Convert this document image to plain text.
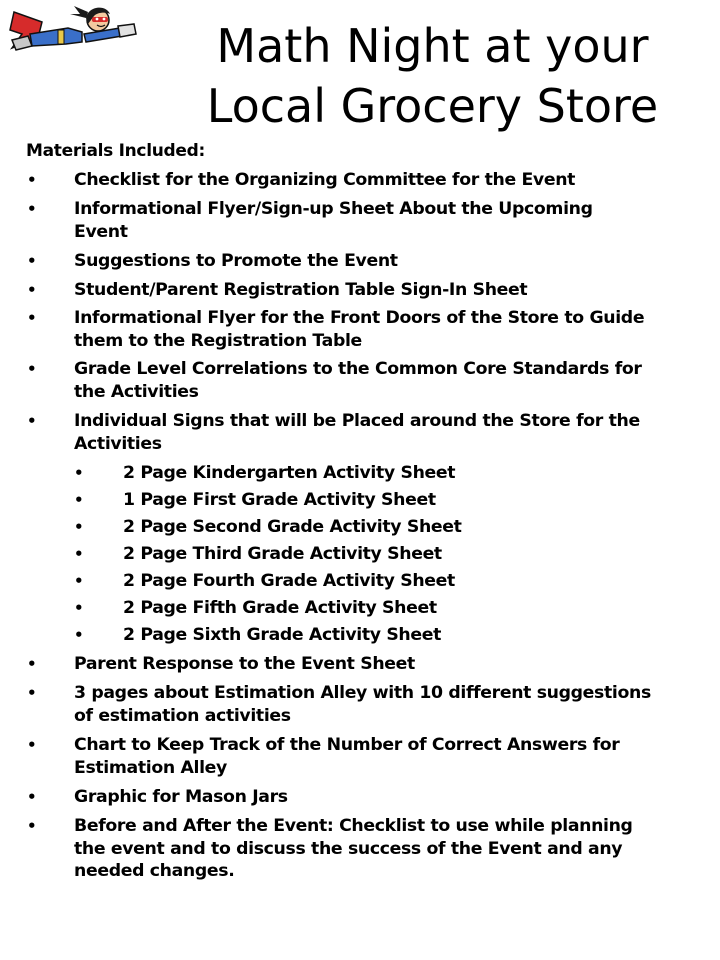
Math Night at your
Local Grocery Store
Materials Included:
• Checklist for the Organizing Committee for the Event
• Informational Flyer/Sign-up Sheet About the Upcoming
Event
• Suggestions to Promote the Event
• Student/Parent Registration Table Sign-In Sheet
• Informational Flyer for the Front Doors of the Store to Guide
them to the Registration Table
• Grade Level Correlations to the Common Core Standards for
the Activities
• Individual Signs that will be Placed around the Store for the
Activities
• 2 Page Kindergarten Activity Sheet
• 1 Page First Grade Activity Sheet
• 2 Page Second Grade Activity Sheet
• 2 Page Third Grade Activity Sheet
• 2 Page Fourth Grade Activity Sheet
• 2 Page Fifth Grade Activity Sheet
• 2 Page Sixth Grade Activity Sheet
• Parent Response to the Event Sheet
• 3 pages about Estimation Alley with 10 different suggestions
of estimation activities
• Chart to Keep Track of the Number of Correct Answers for
Estimation Alley
• Graphic for Mason Jars
• Before and After the Event: Checklist to use while planning
the event and to discuss the success of the Event and any
needed changes.
